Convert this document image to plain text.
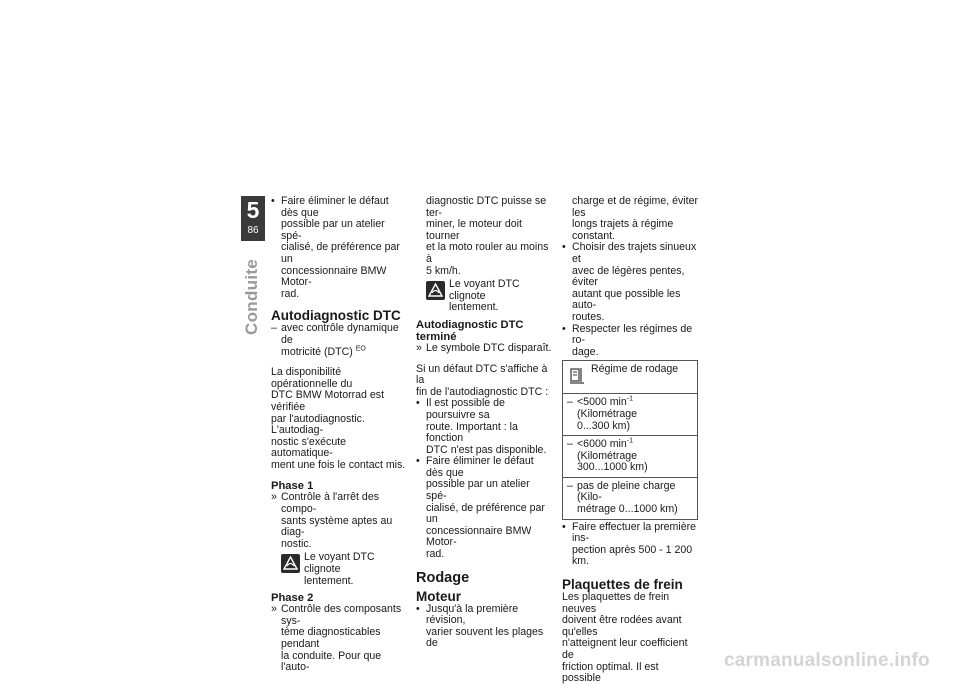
5
86
Conduite
• Faire éliminer le défaut dès que
possible par un atelier spé-
cialisé, de préférence par un
concessionnaire BMW Motor-
rad.
Autodiagnostic DTC
– avec contrôle dynamique de
motricité (DTC) $^{EO}$
La disponibilité opérationnelle du
DTC BMW Motorrad est vérifiée
par l'autodiagnostic. L'autodiag-
nostic s'exécute automatique-
ment une fois le contact mis.
Phase 1
» Contrôle à l'arrêt des compo-
sants système aptes au diag-
nostic.
Le voyant DTC clignote
lentement.
Phase 2
» Contrôle des composants sys-
tème diagnosticables pendant
la conduite. Pour que l'auto-
diagnostic DTC puisse se ter-
miner, le moteur doit tourner
et la moto rouler au moins à
5 km/h.
Le voyant DTC clignote
lentement.
Autodiagnostic DTC terminé
» Le symbole DTC disparaît.
Si un défaut DTC s'affiche à la
fin de l'autodiagnostic DTC :
• Il est possible de poursuivre sa
route. Important : la fonction
DTC n'est pas disponible.
• Faire éliminer le défaut dès que
possible par un atelier spé-
cialisé, de préférence par un
concessionnaire BMW Motor-
rad.
Rodage
Moteur
• Jusqu'à la première révision,
varier souvent les plages de
charge et de régime, éviter les
longs trajets à régime constant.
• Choisir des trajets sinueux et
avec de légères pentes, éviter
autant que possible les auto-
routes.
• Respecter les régimes de ro-
dage.
Régime de rodage

– <5000 $\min^{-1}$ (Kilométrage
0...300 km)

– <6000 $\min^{-1}$ (Kilométrage
300...1000 km)

– pas de pleine charge (Kilo-
métrage 0...1000 km)
• Faire effectuer la première ins-
pection après 500 - 1 200 km.
Plaquettes de frein
Les plaquettes de frein neuves
doivent être rodées avant qu'elles
n'atteignent leur coefficient de
friction optimal. Il est possible
carmanualsonline.info
